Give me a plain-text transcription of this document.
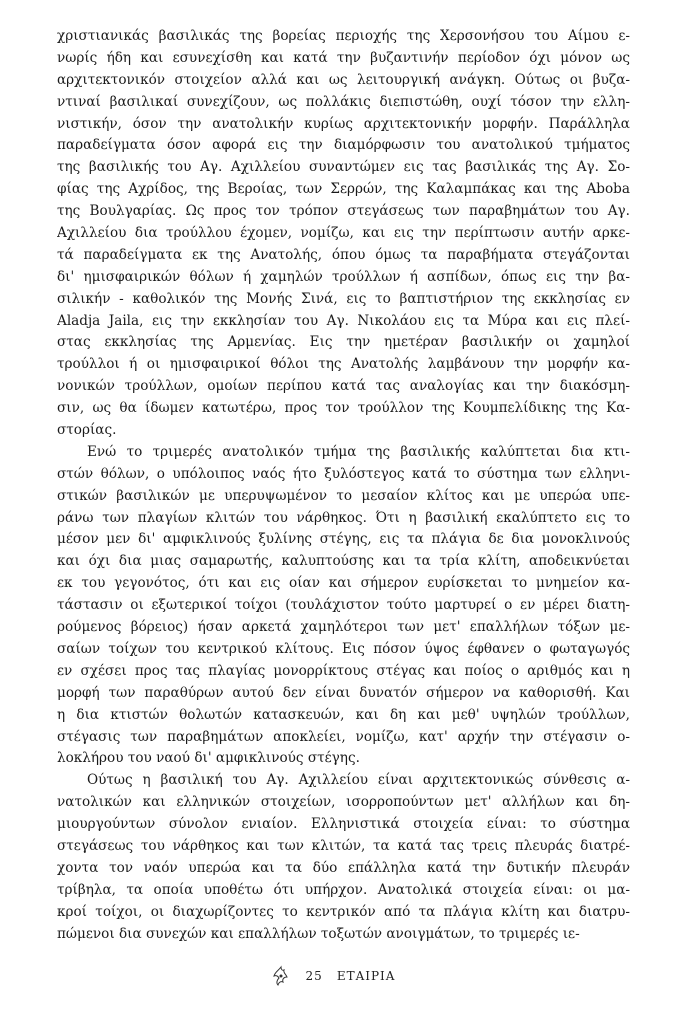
χριστιανικάς βασιλικάς της βορείας περιοχής της Χερσονήσου του Αίμου ε-
νωρίς ήδη και εσυνεχίσθη και κατά την βυζαντινήν περίοδον όχι μόνον ως
αρχιτεκτονικόν στοιχείον αλλά και ως λειτουργική ανάγκη. Ούτως οι βυζα-
ντιναί βασιλικαί συνεχίζουν, ως πολλάκις διεπιστώθη, ουχί τόσον την ελλη-
νιστικήν, όσον την ανατολικήν κυρίως αρχιτεκτονικήν μορφήν. Παράλληλα
παραδείγματα όσον αφορά εις την διαμόρφωσιν του ανατολικού τμήματος
της βασιλικής του Αγ. Αχιλλείου συναντώμεν εις τας βασιλικάς της Αγ. Σο-
φίας της Αχρίδος, της Βεροίας, των Σερρών, της Καλαμπάκας και της Aboba
της Βουλγαρίας. Ως προς τον τρόπον στεγάσεως των παραβημάτων του Αγ.
Αχιλλείου δια τρούλλου έχομεν, νομίζω, και εις την περίπτωσιν αυτήν αρκε-
τά παραδείγματα εκ της Ανατολής, όπου όμως τα παραβήματα στεγάζονται
δι' ημισφαιρικών θόλων ή χαμηλών τρούλλων ή ασπίδων, όπως εις την βα-
σιλικήν - καθολικόν της Μονής Σινά, εις το βαπτιστήριον της εκκλησίας εν
Aladja Jaila, εις την εκκλησίαν του Αγ. Νικολάου εις τα Μύρα και εις πλεί-
στας εκκλησίας της Αρμενίας. Εις την ημετέραν βασιλικήν οι χαμηλοί
τρούλλοι ή οι ημισφαιρικοί θόλοι της Ανατολής λαμβάνουν την μορφήν κα-
νονικών τρούλλων, ομοίων περίπου κατά τας αναλογίας και την διακόσμη-
σιν, ως θα ίδωμεν κατωτέρω, προς τον τρούλλον της Κουμπελίδικης της Κα-
στορίας.
Ενώ το τριμερές ανατολικόν τμήμα της βασιλικής καλύπτεται δια κτι-
στών θόλων, ο υπόλοιπος ναός ήτο ξυλόστεγος κατά το σύστημα των ελληνι-
στικών βασιλικών με υπερυψωμένον το μεσαίον κλίτος και με υπερώα υπε-
ράνω των πλαγίων κλιτών του νάρθηκος. Ότι η βασιλική εκαλύπτετο εις το
μέσον μεν δι' αμφικλινούς ξυλίνης στέγης, εις τα πλάγια δε δια μονοκλινούς
και όχι δια μιας σαμαρωτής, καλυπτούσης και τα τρία κλίτη, αποδεικνύεται
εκ του γεγονότος, ότι και εις οίαν και σήμερον ευρίσκεται το μνημείον κα-
τάστασιν οι εξωτερικοί τοίχοι (τουλάχιστον τούτο μαρτυρεί ο εν μέρει διατη-
ρούμενος βόρειος) ήσαν αρκετά χαμηλότεροι των μετ' επαλλήλων τόξων με-
σαίων τοίχων του κεντρικού κλίτους. Εις πόσον ύψος έφθανεν ο φωταγωγός
εν σχέσει προς τας πλαγίας μονορρίκτους στέγας και ποίος ο αριθμός και η
μορφή των παραθύρων αυτού δεν είναι δυνατόν σήμερον να καθορισθή. Και
η δια κτιστών θολωτών κατασκευών, και δη και μεθ' υψηλών τρούλλων,
στέγασις των παραβημάτων αποκλείει, νομίζω, κατ' αρχήν την στέγασιν ο-
λοκλήρου του ναού δι' αμφικλινούς στέγης.
Ούτως η βασιλική του Αγ. Αχιλλείου είναι αρχιτεκτονικώς σύνθεσις α-
νατολικών και ελληνικών στοιχείων, ισορροπούντων μετ' αλλήλων και δη-
μιουργούντων σύνολον ενιαίον. Ελληνιστικά στοιχεία είναι: το σύστημα
στεγάσεως του νάρθηκος και των κλιτών, τα κατά τας τρεις πλευράς διατρέ-
χοντα τον ναόν υπερώα και τα δύο επάλληλα κατά την δυτικήν πλευράν
τρίβηλα, τα οποία υποθέτω ότι υπήρχον. Ανατολικά στοιχεία είναι: οι μα-
κροί τοίχοι, οι διαχωρίζοντες το κεντρικόν από τα πλάγια κλίτη και διατρυ-
πώμενοι δια συνεχών και επαλλήλων τοξωτών ανοιγμάτων, το τριμερές ιε-
25 ΕΤΑΙΡΙΑ
